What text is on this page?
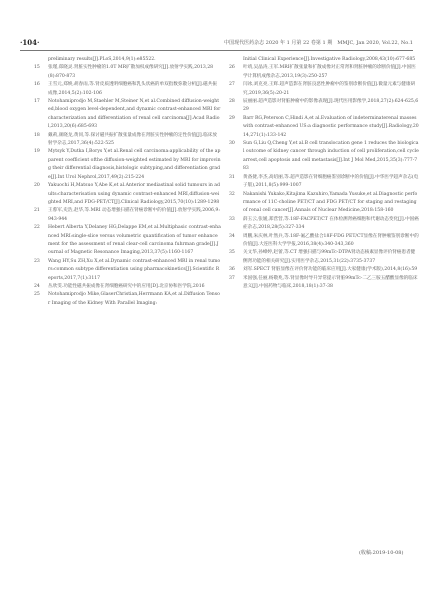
·104·	中国现代医药杂志 2020 年 1 月第 22 卷第 1 期　MMJC, Jan 2020, Vol.22, No.1
preliminary results[J].PLoS,2014,9(1):e85522.
15 张瑾,郑晓灵.肾脏实性肿瘤的1.0T MR扩散加权成像研究[J].放射学实践,2013,28(8):870-873
16 王雪元,郑焕,胡春雨,等.肾皮质透明细胞癌和乳头状癌的单双指数弥散分析[J].磁共振成像,2014,5(2):102-106
17 Notohamiprodjo M,Staehler M,Steiner N,et al.Combined diffusion-weighted,blood oxygen level-dependent,and dynamic contrast-enhanced MRI for characterization and differentiation of renal cell carcinoma[J].Acad Radiol,2013,20(6):685-693
18 戴莉,颜晓龙,黄同,等.探讨磁共振扩散张量成像在肾脏实性肿瘤的定性价值[J].临床放射学杂志,2017,36(4):522-525
19 Mytsyk Y,Dutka I,Borys Y,et al.Renal cell carcinoma:applicability of the apparent coefficient ofthe diffusion-weighted estimated by MRI for improving their differential diagnosis,histologic subtyping,and differentiation grade[J].Int Urol Nephrol,2017,49(2):215-224
20 Yakuochi H,Matsuo Y,Abe K,et al.Anterior mediastinal solid tumours in adults:characterisation using dynamic contrast-enhanced MRI,diffusion-weighted MRI,and FDG-PET/CT[J].Clinical Radiology,2015,70(10):1289-1298
21 王蓉军,史浩,赵华,等.MRI 动态增强扫描在肾癌诊断中的价值[J].放射学实践,2006,9:943-944
22 Hebert Alberta Y,Delaney HG,Delappe EM,et al.Multiphasic contrast-enhanced MRI:single-slice versus volumetric quantification of tumor enhancement for the assessment of renal clear-cell carcinoma fuhrman grade[J].Journal of Magnetic Resonance Imaging,2013,37(5):1160-1167
23 Wang HY,Su ZH,Xu X,et al.Dynamic contrast-enhanced MRI in renal tumors:common subtype differentiation using pharmacokinetics[J].Scientific Reports,2017,7(1):3117
24 丛欣雯.功能性磁共振成像在肾细胞癌研究中的应用[D].北京协和医学院,2016
25 Notohamiprodjo Mike,GlaserChristian,Herrmann KA,et al.Diffusion Tensor Imaging of the Kidney With Parallel Imaging:
Initial Clinical Experience[J].Investigative Radiology,2008,43(10):677-685
26 叶靖,吴晶涛,王军.MRI扩散张量和扩散成像对正常肾和肾脏肿瘤的诊断价值[J].中国医学计算机成像杂志,2013,19(3):250-257
27 闫冰,刘克亮,王辉.超声造影在肾脏良恶性肿瘤中的鉴别诊断价值[J].微量元素与健康研究,2019,36(5):20-21
28 辰丽丽.超声造影对肾脏肿瘤中的影像表现[J].现代医用影像学,2018,27(2):624-625,629
29 Barr RG,Peterson C,Hindi A,et al.Evaluation of indeterminaterenal masses with contrast-enhanced US:a diagnostic performance study[J].Radiology,2014,271(1):133-142
30 Sun G,Liu Q,Cheng Y,et al.B cell translocation gene 1 reduces the biological outcome of kidney cancer through induction of cell proliferation,cell cycle arrest,cell apoptosis and cell metastasis[J].Int J Mol Med,2015,35(3):777-783
31 黄备捷,李杰,高绍丽,等.超声造影在肾细胞癌鉴别诊断中的价值[J].中华医学超声杂志(电子版),2011,8(5):999-1007
32 Nakanishi Yukako,Kitajima Kazuhiro,Yamada Yusuke,et al.Diagnostic performance of 11C-choline PET/CT and FDG PET/CT for staging and restaging of renal cell cancer[J].Annals of Nuclear Medicine,2018:158-160
33 薛玉云,张媛,郑营营,等.18F-FACPET/CT 在体检测肾癌细胞和代谢动态变化[J].中国癌症杂志,2018,28(5):327-334
34 周鹏,朱庆林,叶然兵,等.18F-氟乙酸盐合18F-FDG PET/CT显像在肾肿瘤鉴别诊断中的价值[J].大连医科大学学报,2016,38(4):340-343,360
35 关文华,孙峰婷,赵蕾,等.CT 增强扫描与99mTc-DTPA肾动态核素显像评价肾癌患者健侧肾功能的相关研究[J].实用医学杂志,2015,31(22):3735-3737
36 刘军.SPECT 肾脏显像在评价肾功能的临床应用[J].大家健康(学术版),2014,8(16):59
37 米国强,任丽,杨敬兆,等.肾显像时导升异常提示肾脏99mTc-二乙三胺五醋酸显像的临床意义[J].中国药物与临床,2018,18(1):37-38
(收稿:2019-10-08)
